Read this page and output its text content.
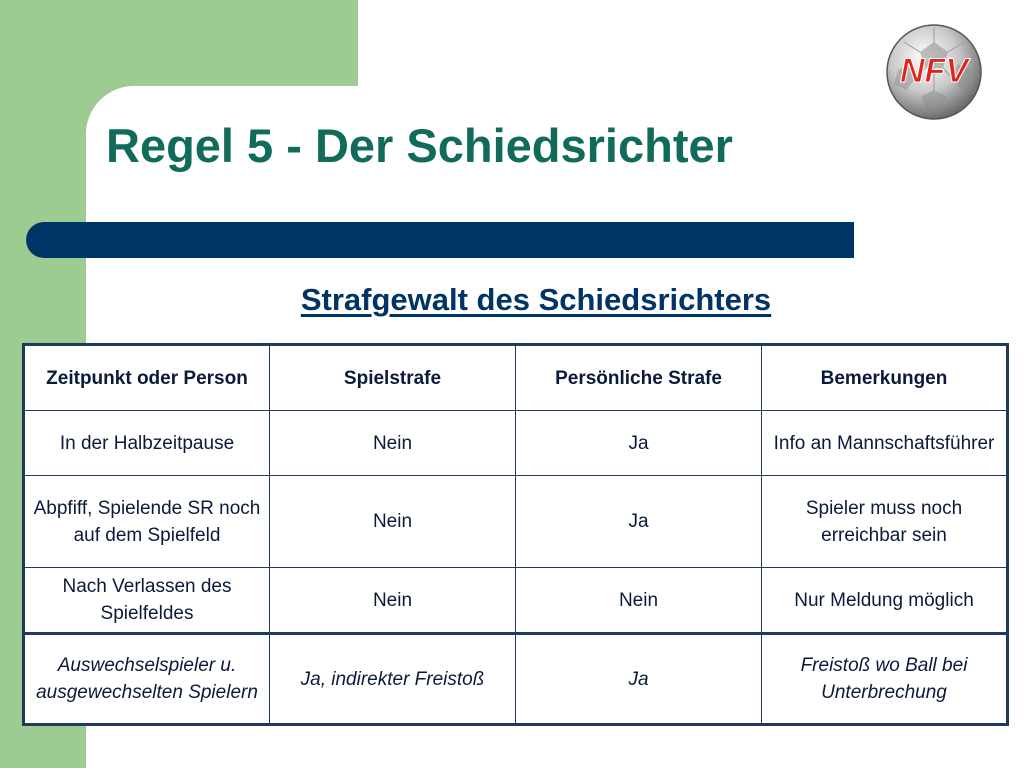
Regel 5 - Der Schiedsrichter
NFV
Strafgewalt des Schiedsrichters
Zeitpunkt oder Person	Spielstrafe	Persönliche Strafe	Bemerkungen
In der Halbzeitpause	Nein	Ja	Info an Mannschaftsführer
Abpfiff, Spielende SR noch auf dem Spielfeld	Nein	Ja	Spieler muss noch erreichbar sein
Nach Verlassen des Spielfeldes	Nein	Nein	Nur Meldung möglich
Auswechselspieler u. ausgewechselten Spielern	Ja, indirekter Freistoß	Ja	Freistoß wo Ball bei Unterbrechung
